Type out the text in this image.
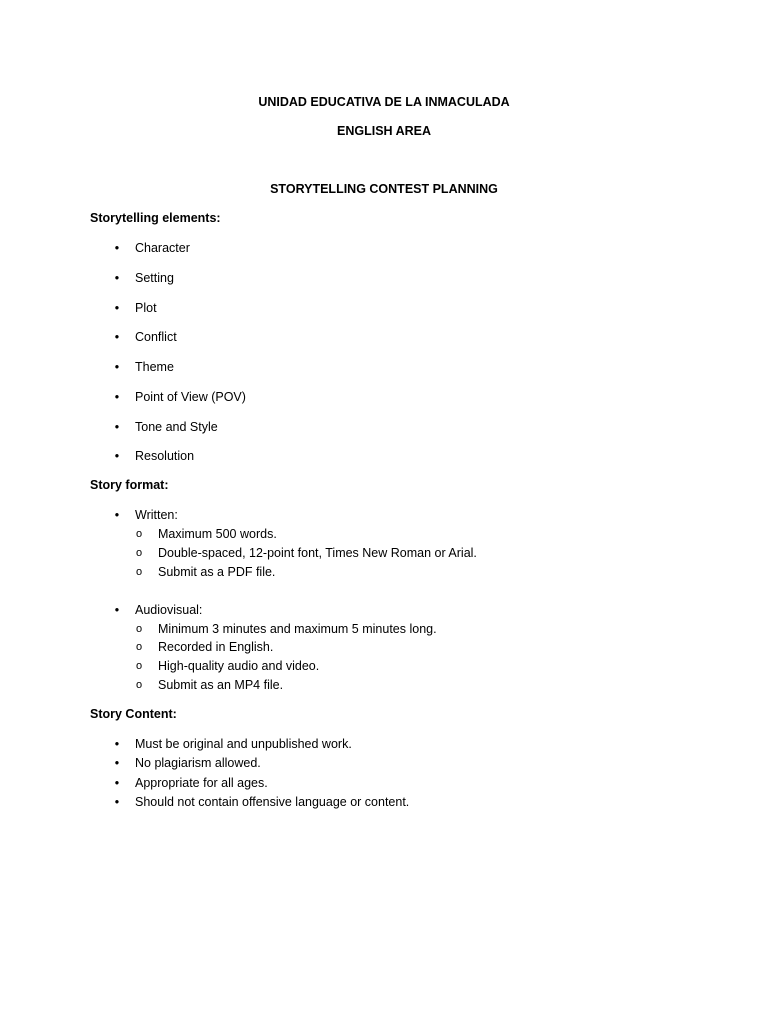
UNIDAD EDUCATIVA DE LA INMACULADA
ENGLISH AREA
STORYTELLING CONTEST PLANNING
Storytelling elements:
• Character
• Setting
• Plot
• Conflict
• Theme
• Point of View (POV)
• Tone and Style
• Resolution
Story format:
• Written:
o Maximum 500 words.
o Double-spaced, 12-point font, Times New Roman or Arial.
o Submit as a PDF file.
• Audiovisual:
o Minimum 3 minutes and maximum 5 minutes long.
o Recorded in English.
o High-quality audio and video.
o Submit as an MP4 file.
Story Content:
• Must be original and unpublished work.
• No plagiarism allowed.
• Appropriate for all ages.
• Should not contain offensive language or content.
